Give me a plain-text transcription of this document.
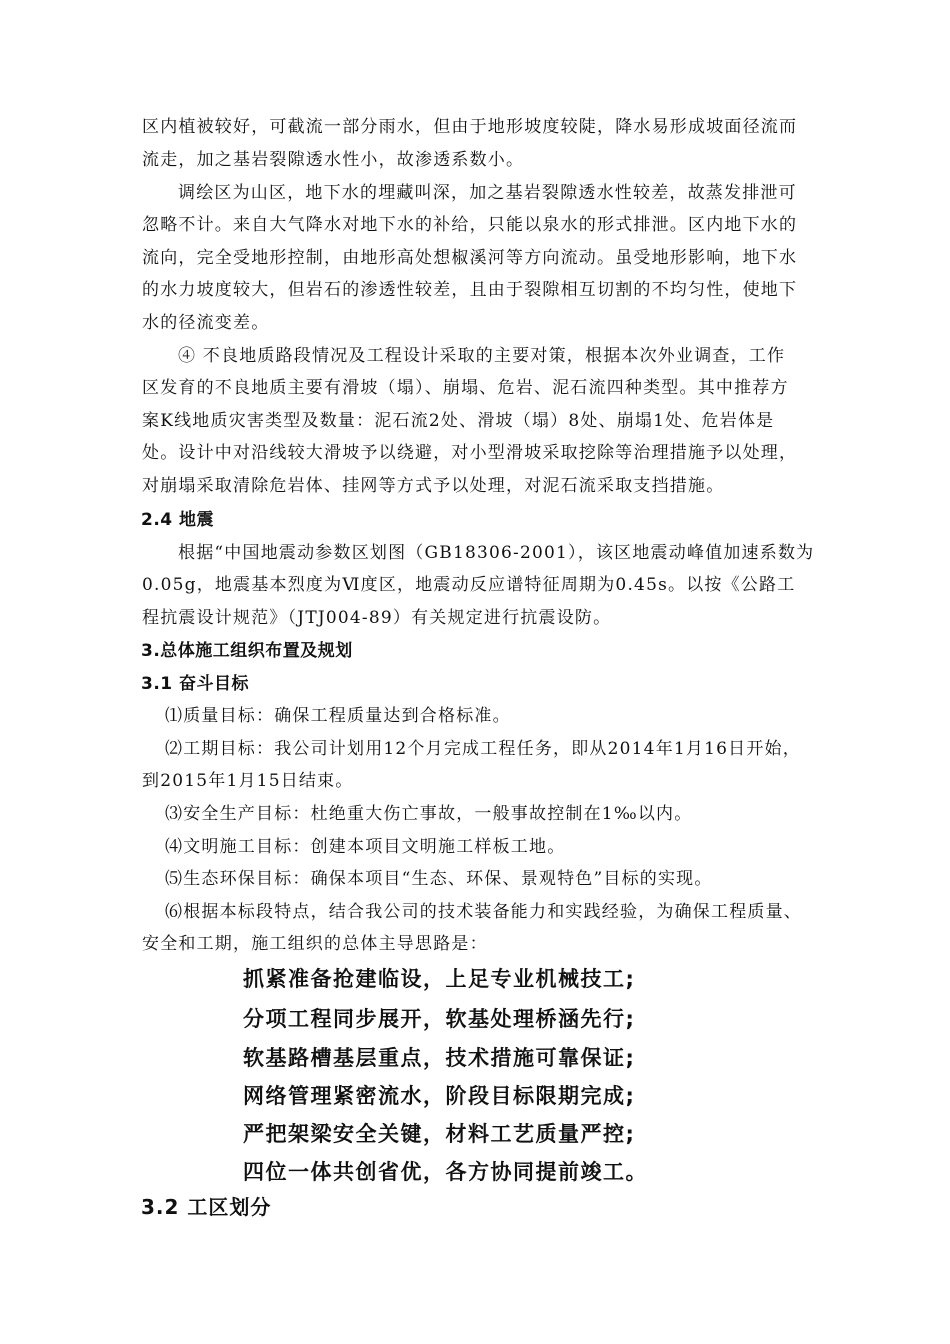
区内植被较好，可截流一部分雨水，但由于地形坡度较陡，降水易形成坡面径流而
流走，加之基岩裂隙透水性小，故渗透系数小。
调绘区为山区，地下水的埋藏叫深，加之基岩裂隙透水性较差，故蒸发排泄可
忽略不计。来自大气降水对地下水的补给，只能以泉水的形式排泄。区内地下水的
流向，完全受地形控制，由地形高处想椒溪河等方向流动。虽受地形影响，地下水
的水力坡度较大，但岩石的渗透性较差，且由于裂隙相互切割的不均匀性，使地下
水的径流变差。
④ 不良地质路段情况及工程设计采取的主要对策，根据本次外业调查，工作
区发育的不良地质主要有滑坡（塌）、崩塌、危岩、泥石流四种类型。其中推荐方
案K线地质灾害类型及数量：泥石流2处、滑坡（塌）8处、崩塌1处、危岩体是
处。设计中对沿线较大滑坡予以绕避，对小型滑坡采取挖除等治理措施予以处理，
对崩塌采取清除危岩体、挂网等方式予以处理，对泥石流采取支挡措施。
2.4 地震
根据“中国地震动参数区划图（GB18306-2001），该区地震动峰值加速系数为
0.05g，地震基本烈度为Ⅵ度区，地震动反应谱特征周期为0.45s。以按《公路工
程抗震设计规范》（JTJ004-89）有关规定进行抗震设防。
3.总体施工组织布置及规划
3.1 奋斗目标
⑴质量目标：确保工程质量达到合格标准。
⑵工期目标：我公司计划用12个月完成工程任务，即从2014年1月16日开始，
到2015年1月15日结束。
⑶安全生产目标：杜绝重大伤亡事故，一般事故控制在1‰以内。
⑷文明施工目标：创建本项目文明施工样板工地。
⑸生态环保目标：确保本项目“生态、环保、景观特色”目标的实现。
⑹根据本标段特点，结合我公司的技术装备能力和实践经验，为确保工程质量、
安全和工期，施工组织的总体主导思路是：
抓紧准备抢建临设，上足专业机械技工;
分项工程同步展开，软基处理桥涵先行;
软基路槽基层重点，技术措施可靠保证;
网络管理紧密流水，阶段目标限期完成;
严把架梁安全关键，材料工艺质量严控;
四位一体共创省优，各方协同提前竣工。
3.2 工区划分
